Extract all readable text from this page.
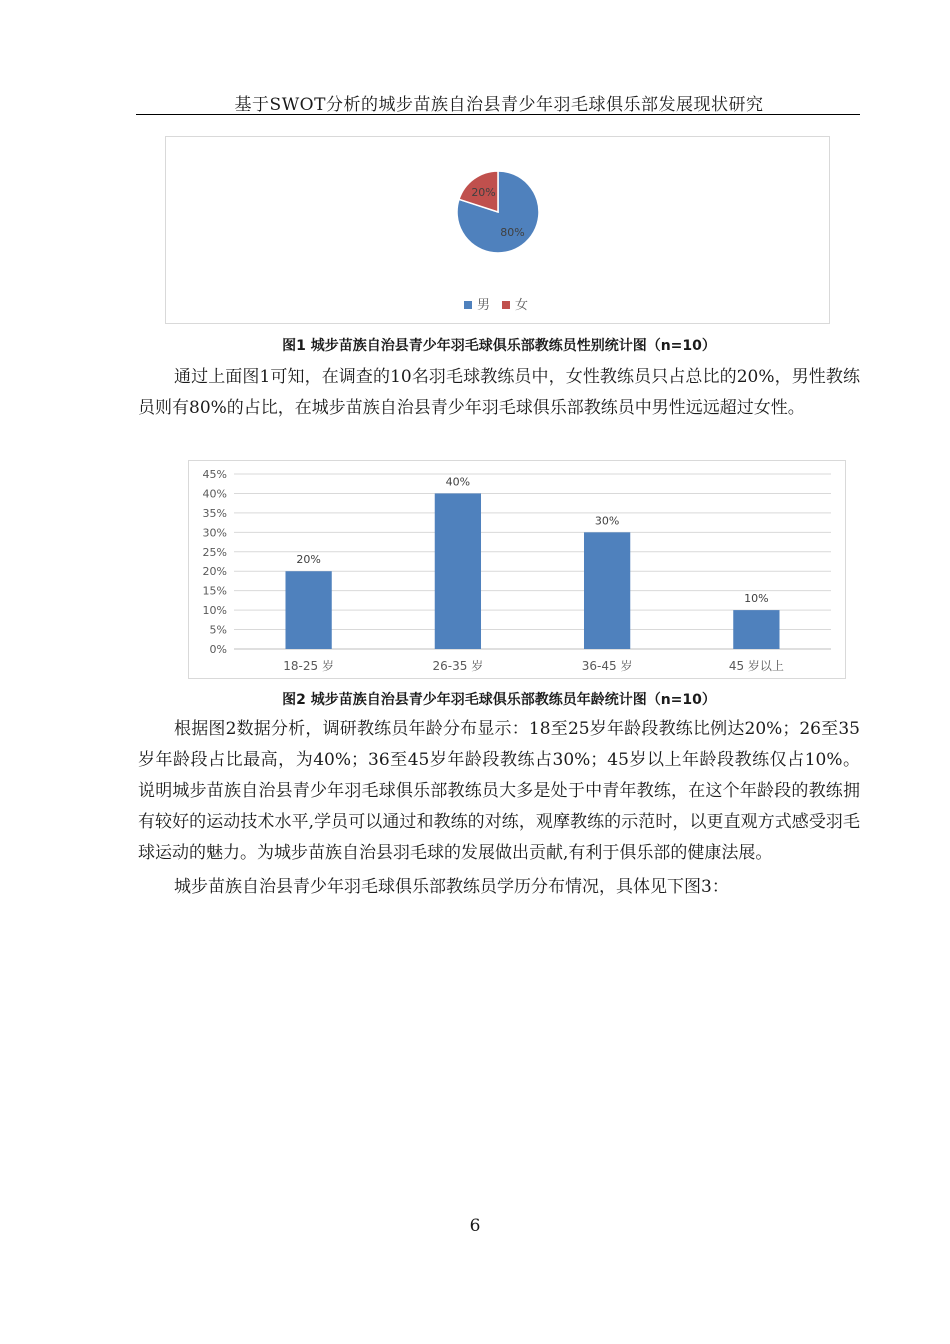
基于SWOT分析的城步苗族自治县青少年羽毛球俱乐部发展现状研究
80%
20%
男 女
图1 城步苗族自治县青少年羽毛球俱乐部教练员性别统计图（n=10）

通过上面图1可知，在调查的10名羽毛球教练员中，女性教练员只占总比的20%，男性教练员则有80%的占比，在城步苗族自治县青少年羽毛球俱乐部教练员中男性远远超过女性。

0%
5%
10%
15%
20%
25%
30%
35%
40%
45%
20%
18-25 岁
40%
26-35 岁
30%
36-45 岁
10%
45 岁以上
图2 城步苗族自治县青少年羽毛球俱乐部教练员年龄统计图（n=10）

根据图2数据分析，调研教练员年龄分布显示：18至25岁年龄段教练比例达20%；26至35岁年龄段占比最高，为40%；36至45岁年龄段教练占30%；45岁以上年龄段教练仅占10%。说明城步苗族自治县青少年羽毛球俱乐部教练员大多是处于中青年教练，在这个年龄段的教练拥有较好的运动技术水平,学员可以通过和教练的对练，观摩教练的示范时，以更直观方式感受羽毛球运动的魅力。为城步苗族自治县羽毛球的发展做出贡献,有利于俱乐部的健康法展。

城步苗族自治县青少年羽毛球俱乐部教练员学历分布情况，具体见下图3：

6
